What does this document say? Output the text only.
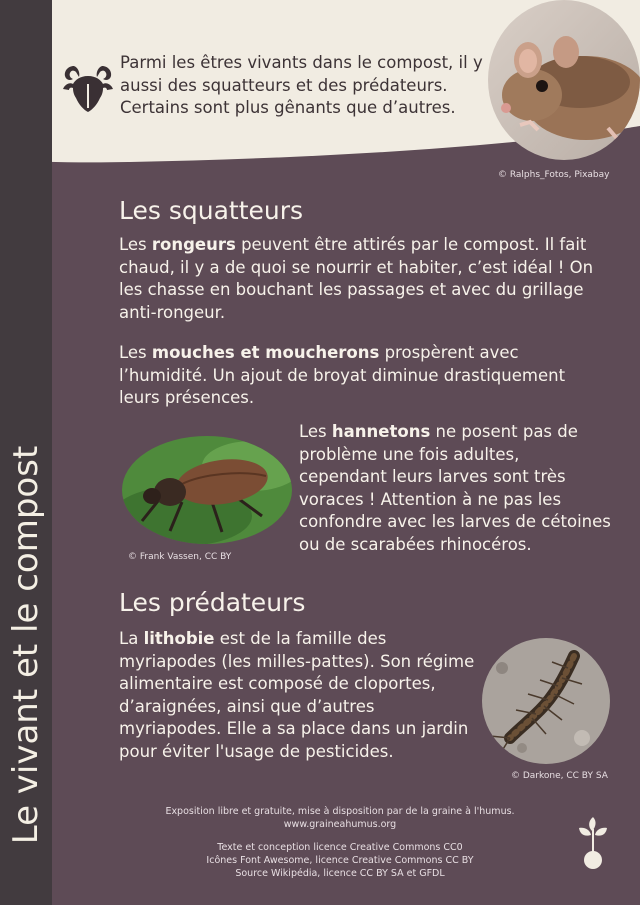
Le vivant et le compost
Parmi les êtres vivants dans le compost, il y aussi des squatteurs et des prédateurs. Certains sont plus gênants que d’autres.
© Ralphs_Fotos, Pixabay
Les squatteurs
Les rongeurs peuvent être attirés par le compost. Il fait chaud, il y a de quoi se nourrir et habiter, c’est idéal ! On les chasse en bouchant les passages et avec du grillage anti-rongeur.
Les mouches et moucherons prospèrent avec l’humidité. Un ajout de broyat diminue drastiquement leurs présences.
© Frank Vassen, CC BY
Les hannetons ne posent pas de problème une fois adultes, cependant leurs larves sont très voraces ! Attention à ne pas les confondre avec les larves de cétoines ou de scarabées rhinocéros.
Les prédateurs
La lithobie est de la famille des myriapodes (les milles-pattes). Son régime alimentaire est composé de cloportes, d’araignées, ainsi que d’autres myriapodes. Elle a sa place dans un jardin pour éviter l'usage de pesticides.
© Darkone, CC BY SA
Exposition libre et gratuite, mise à disposition par de la graine à l'humus.
www.graineahumus.org
Texte et conception licence Creative Commons CC0
Icônes Font Awesome, licence Creative Commons CC BY
Source Wikipédia, licence CC BY SA et GFDL
